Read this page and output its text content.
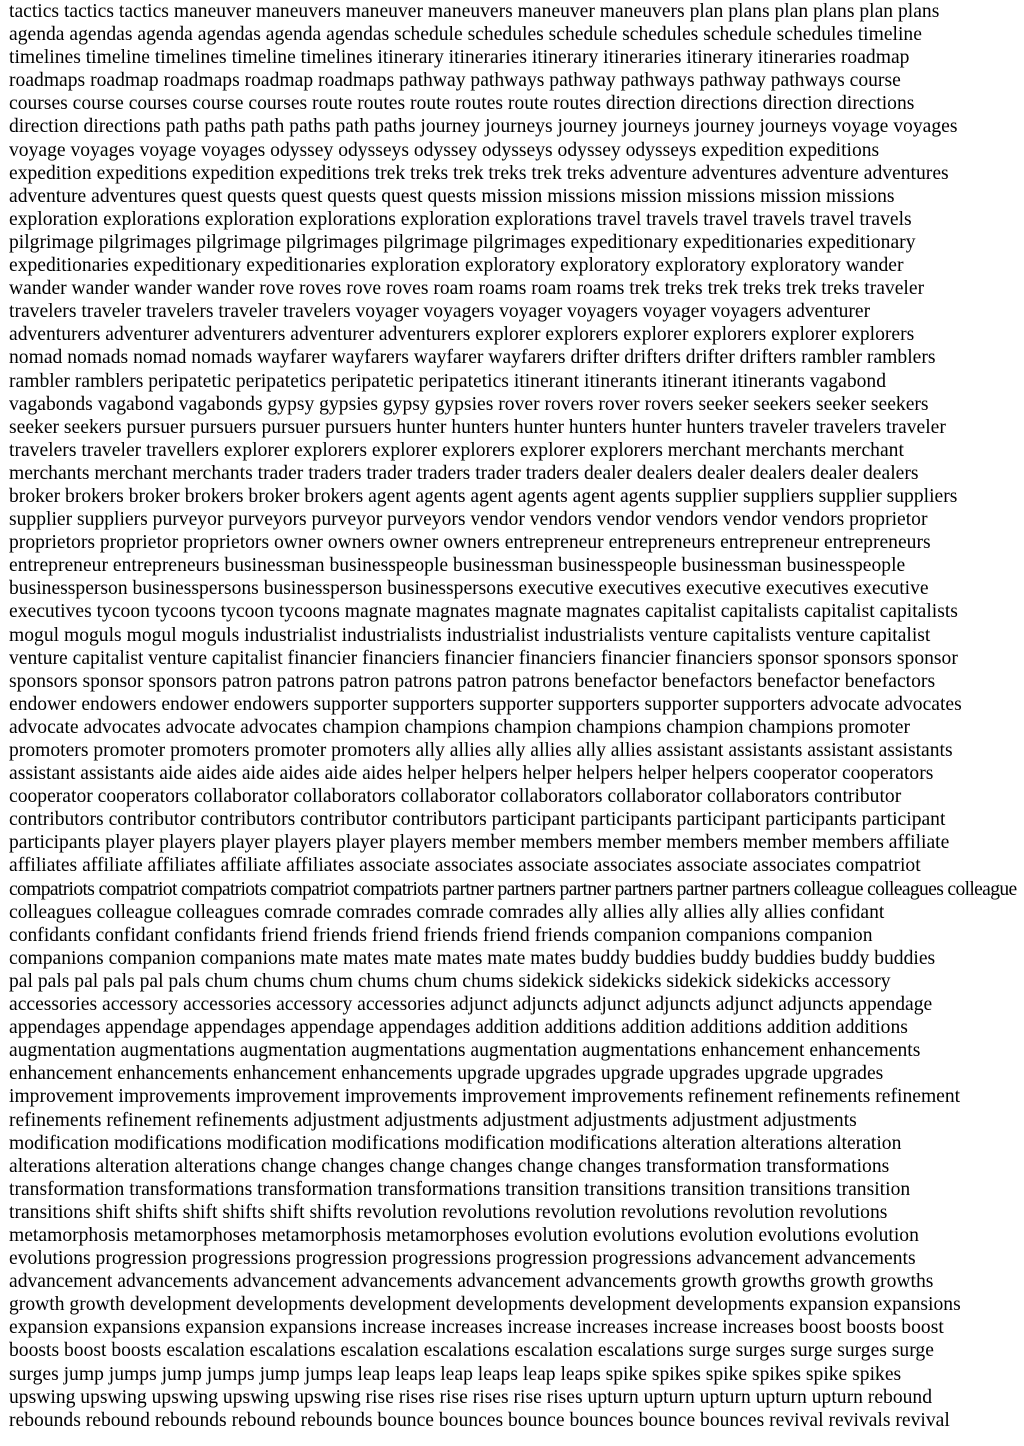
tactics tactics tactics maneuver maneuvers maneuver maneuvers maneuver maneuvers plan plans plan plans plan plans
agenda agendas agenda agendas agenda agendas schedule schedules schedule schedules schedule schedules timeline
timelines timeline timelines timeline timelines itinerary itineraries itinerary itineraries itinerary itineraries roadmap
roadmaps roadmap roadmaps roadmap roadmaps pathway pathways pathway pathways pathway pathways course
courses course courses course courses route routes route routes route routes direction directions direction directions
direction directions path paths path paths path paths journey journeys journey journeys journey journeys voyage voyages
voyage voyages voyage voyages odyssey odysseys odyssey odysseys odyssey odysseys expedition expeditions
expedition expeditions expedition expeditions trek treks trek treks trek treks adventure adventures adventure adventures
adventure adventures quest quests quest quests quest quests mission missions mission missions mission missions
exploration explorations exploration explorations exploration explorations travel travels travel travels travel travels
pilgrimage pilgrimages pilgrimage pilgrimages pilgrimage pilgrimages expeditionary expeditionaries expeditionary
expeditionaries expeditionary expeditionaries exploration exploratory exploratory exploratory exploratory wander
wander wander wander wander rove roves rove roves roam roams roam roams trek treks trek treks trek treks traveler
travelers traveler travelers traveler travelers voyager voyagers voyager voyagers voyager voyagers adventurer
adventurers adventurer adventurers adventurer adventurers explorer explorers explorer explorers explorer explorers
nomad nomads nomad nomads wayfarer wayfarers wayfarer wayfarers drifter drifters drifter drifters rambler ramblers
rambler ramblers peripatetic peripatetics peripatetic peripatetics itinerant itinerants itinerant itinerants vagabond
vagabonds vagabond vagabonds gypsy gypsies gypsy gypsies rover rovers rover rovers seeker seekers seeker seekers
seeker seekers pursuer pursuers pursuer pursuers hunter hunters hunter hunters hunter hunters traveler travelers traveler
travelers traveler travellers explorer explorers explorer explorers explorer explorers merchant merchants merchant
merchants merchant merchants trader traders trader traders trader traders dealer dealers dealer dealers dealer dealers
broker brokers broker brokers broker brokers agent agents agent agents agent agents supplier suppliers supplier suppliers
supplier suppliers purveyor purveyors purveyor purveyors vendor vendors vendor vendors vendor vendors proprietor
proprietors proprietor proprietors owner owners owner owners entrepreneur entrepreneurs entrepreneur entrepreneurs
entrepreneur entrepreneurs businessman businesspeople businessman businesspeople businessman businesspeople
businessperson businesspersons businessperson businesspersons executive executives executive executives executive
executives tycoon tycoons tycoon tycoons magnate magnates magnate magnates capitalist capitalists capitalist capitalists
mogul moguls mogul moguls industrialist industrialists industrialist industrialists venture capitalists venture capitalist
venture capitalist venture capitalist financier financiers financier financiers financier financiers sponsor sponsors sponsor
sponsors sponsor sponsors patron patrons patron patrons patron patrons benefactor benefactors benefactor benefactors
endower endowers endower endowers supporter supporters supporter supporters supporter supporters advocate advocates
advocate advocates advocate advocates champion champions champion champions champion champions promoter
promoters promoter promoters promoter promoters ally allies ally allies ally allies assistant assistants assistant assistants
assistant assistants aide aides aide aides aide aides helper helpers helper helpers helper helpers cooperator cooperators
cooperator cooperators collaborator collaborators collaborator collaborators collaborator collaborators contributor
contributors contributor contributors contributor contributors participant participants participant participants participant
participants player players player players player players member members member members member members affiliate
affiliates affiliate affiliates affiliate affiliates associate associates associate associates associate associates compatriot
compatriots compatriot compatriots compatriot compatriots partner partners partner partners partner partners colleague colleagues colleague
colleagues colleague colleagues comrade comrades comrade comrades ally allies ally allies ally allies confidant
confidants confidant confidants friend friends friend friends friend friends companion companions companion
companions companion companions mate mates mate mates mate mates buddy buddies buddy buddies buddy buddies
pal pals pal pals pal pals chum chums chum chums chum chums sidekick sidekicks sidekick sidekicks accessory
accessories accessory accessories accessory accessories adjunct adjuncts adjunct adjuncts adjunct adjuncts appendage
appendages appendage appendages appendage appendages addition additions addition additions addition additions
augmentation augmentations augmentation augmentations augmentation augmentations enhancement enhancements
enhancement enhancements enhancement enhancements upgrade upgrades upgrade upgrades upgrade upgrades
improvement improvements improvement improvements improvement improvements refinement refinements refinement
refinements refinement refinements adjustment adjustments adjustment adjustments adjustment adjustments
modification modifications modification modifications modification modifications alteration alterations alteration
alterations alteration alterations change changes change changes change changes transformation transformations
transformation transformations transformation transformations transition transitions transition transitions transition
transitions shift shifts shift shifts shift shifts revolution revolutions revolution revolutions revolution revolutions
metamorphosis metamorphoses metamorphosis metamorphoses evolution evolutions evolution evolutions evolution
evolutions progression progressions progression progressions progression progressions advancement advancements
advancement advancements advancement advancements advancement advancements growth growths growth growths
growth growth development developments development developments development developments expansion expansions
expansion expansions expansion expansions increase increases increase increases increase increases boost boosts boost
boosts boost boosts escalation escalations escalation escalations escalation escalations surge surges surge surges surge
surges jump jumps jump jumps jump jumps leap leaps leap leaps leap leaps spike spikes spike spikes spike spikes
upswing upswing upswing upswing upswing rise rises rise rises rise rises upturn upturn upturn upturn upturn rebound
rebounds rebound rebounds rebound rebounds bounce bounces bounce bounces bounce bounces revival revivals revival
